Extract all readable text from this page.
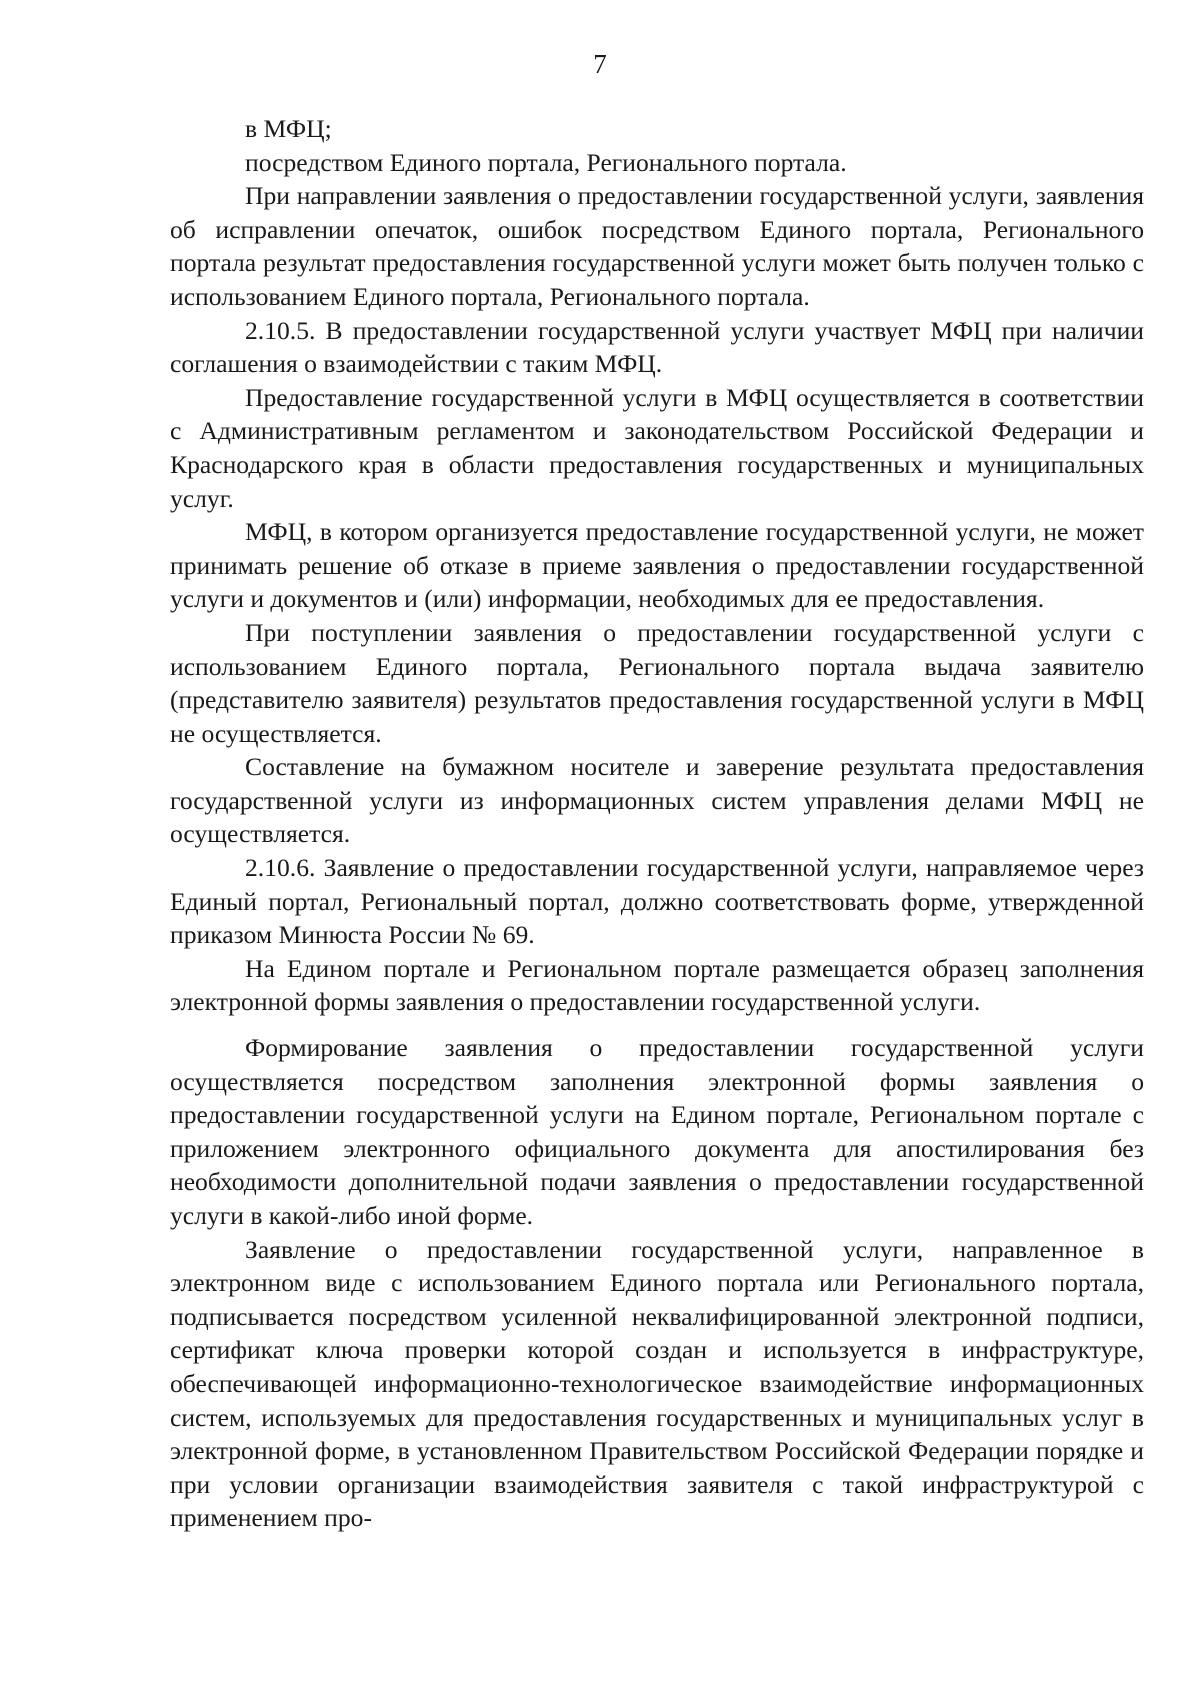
7

в МФЦ;

посредством Единого портала, Регионального портала.

При направлении заявления о предоставлении государственной услуги, заявления об исправлении опечаток, ошибок посредством Единого портала, Регионального портала результат предоставления государственной услуги может быть получен только с использованием Единого портала, Регионального портала.

2.10.5. В предоставлении государственной услуги участвует МФЦ при наличии соглашения о взаимодействии с таким МФЦ.

Предоставление государственной услуги в МФЦ осуществляется в соответствии с Административным регламентом и законодательством Российской Федерации и Краснодарского края в области предоставления государственных и муниципальных услуг.

МФЦ, в котором организуется предоставление государственной услуги, не может принимать решение об отказе в приеме заявления о предоставлении государственной услуги и документов и (или) информации, необходимых для ее предоставления.

При поступлении заявления о предоставлении государственной услуги с использованием Единого портала, Регионального портала выдача заявителю (представителю заявителя) результатов предоставления государственной услуги в МФЦ не осуществляется.

Составление на бумажном носителе и заверение результата предоставления государственной услуги из информационных систем управления делами МФЦ не осуществляется.

2.10.6. Заявление о предоставлении государственной услуги, направляемое через Единый портал, Региональный портал, должно соответствовать форме, утвержденной приказом Минюста России № 69.

На Едином портале и Региональном портале размещается образец заполнения электронной формы заявления о предоставлении государственной услуги.

Формирование заявления о предоставлении государственной услуги осуществляется посредством заполнения электронной формы заявления о предоставлении государственной услуги на Едином портале, Региональном портале с приложением электронного официального документа для апостилирования без необходимости дополнительной подачи заявления о предоставлении государственной услуги в какой-либо иной форме.

Заявление о предоставлении государственной услуги, направленное в электронном виде с использованием Единого портала или Регионального портала, подписывается посредством усиленной неквалифицированной электронной подписи, сертификат ключа проверки которой создан и используется в инфраструктуре, обеспечивающей информационно-технологическое взаимодействие информационных систем, используемых для предоставления государственных и муниципальных услуг в электронной форме, в установленном Правительством Российской Федерации порядке и при условии организации взаимодействия заявителя с такой инфраструктурой с применением про-
